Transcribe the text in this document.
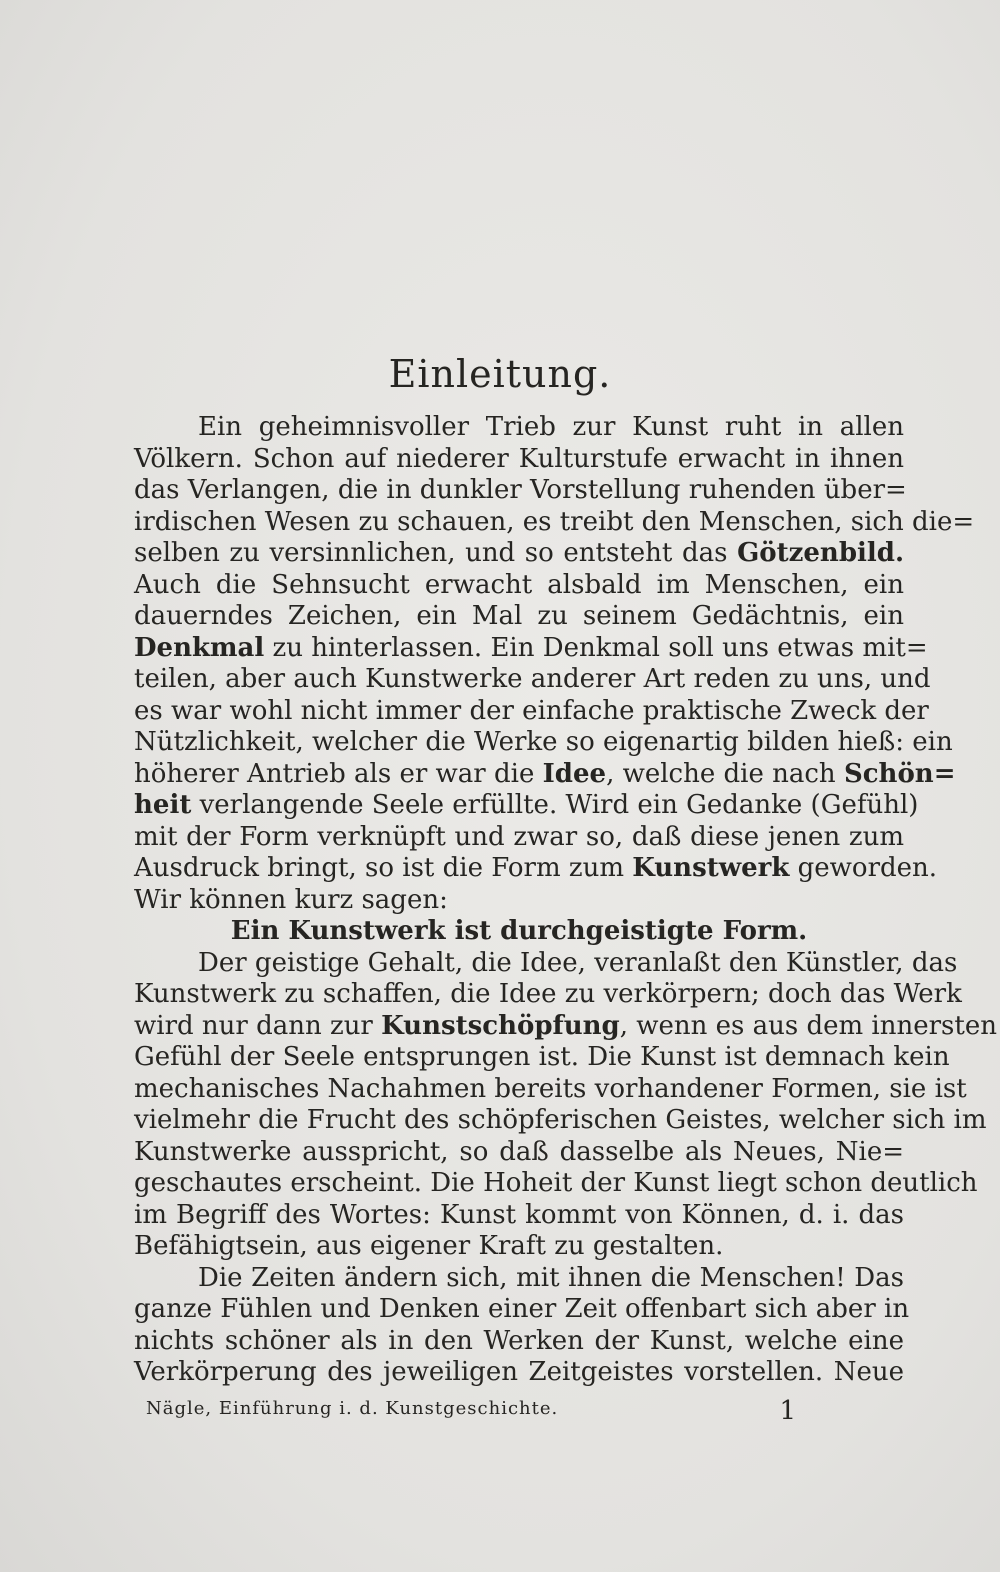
Einleitung.
Ein geheimnisvoller Trieb zur Kunst ruht in allen
Völkern. Schon auf niederer Kulturstufe erwacht in ihnen
das Verlangen, die in dunkler Vorstellung ruhenden über=
irdischen Wesen zu schauen, es treibt den Menschen, sich die=
selben zu versinnlichen, und so entsteht das Götzenbild.
Auch die Sehnsucht erwacht alsbald im Menschen, ein
dauerndes Zeichen, ein Mal zu seinem Gedächtnis, ein
Denkmal zu hinterlassen. Ein Denkmal soll uns etwas mit=
teilen, aber auch Kunstwerke anderer Art reden zu uns, und
es war wohl nicht immer der einfache praktische Zweck der
Nützlichkeit, welcher die Werke so eigenartig bilden hieß: ein
höherer Antrieb als er war die Idee, welche die nach Schön=
heit verlangende Seele erfüllte. Wird ein Gedanke (Gefühl)
mit der Form verknüpft und zwar so, daß diese jenen zum
Ausdruck bringt, so ist die Form zum Kunstwerk geworden.
Wir können kurz sagen:
Ein Kunstwerk ist durchgeistigte Form.
Der geistige Gehalt, die Idee, veranlaßt den Künstler, das
Kunstwerk zu schaffen, die Idee zu verkörpern; doch das Werk
wird nur dann zur Kunstschöpfung, wenn es aus dem innersten
Gefühl der Seele entsprungen ist. Die Kunst ist demnach kein
mechanisches Nachahmen bereits vorhandener Formen, sie ist
vielmehr die Frucht des schöpferischen Geistes, welcher sich im
Kunstwerke ausspricht, so daß dasselbe als Neues, Nie=
geschautes erscheint. Die Hoheit der Kunst liegt schon deutlich
im Begriff des Wortes: Kunst kommt von Können, d. i. das
Befähigtsein, aus eigener Kraft zu gestalten.
Die Zeiten ändern sich, mit ihnen die Menschen! Das
ganze Fühlen und Denken einer Zeit offenbart sich aber in
nichts schöner als in den Werken der Kunst, welche eine
Verkörperung des jeweiligen Zeitgeistes vorstellen. Neue
Nägle, Einführung i. d. Kunstgeschichte.	1
